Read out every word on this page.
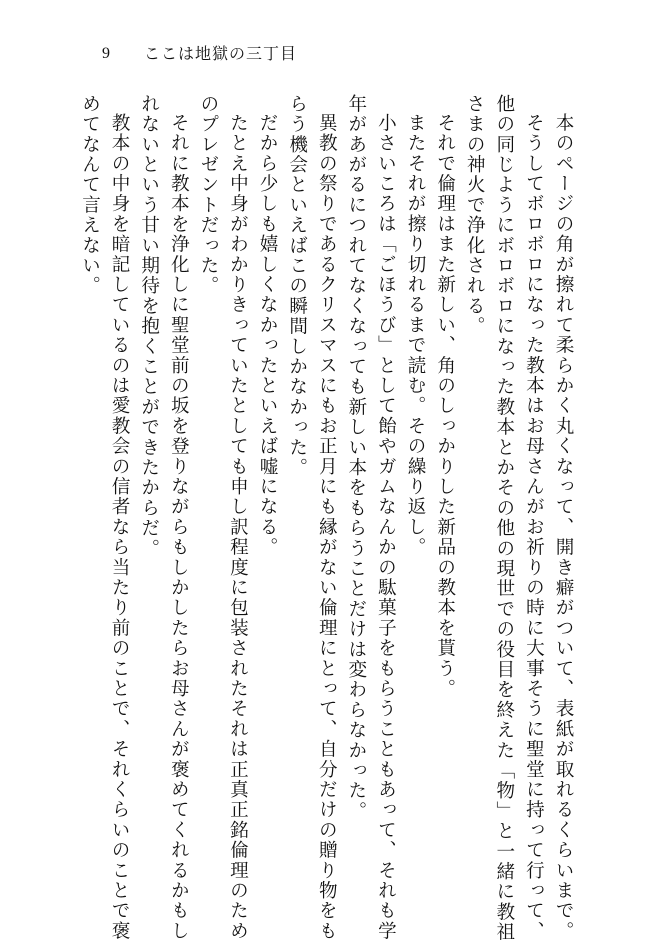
9 ここは地獄の三丁目

本のページの角が擦れて柔らかく丸くなって、開き癖がついて、表紙が取れるくらいまで。

そうしてボロボロになった教本はお母さんがお祈りの時に大事そうに聖堂に持って行って、

他の同じようにボロボロになった教本とかその他の現世での役目を終えた「物」と一緒に教祖

さまの神火で浄化される。

それで倫理はまた新しい、角のしっかりした新品の教本を貰う。

またそれが擦り切れるまで読む。その繰り返し。

小さいころは「ごほうび」として飴やガムなんかの駄菓子をもらうこともあって、それも学

年があがるにつれてなくなっても新しい本をもらうことだけは変わらなかった。

異教の祭りであるクリスマスにもお正月にも縁がない倫理にとって、自分だけの贈り物をも

らう機会といえばこの瞬間しかなかった。

だから少しも嬉しくなかったといえば嘘になる。

たとえ中身がわかりきっていたとしても申し訳程度に包装されたそれは正真正銘倫理のため

のプレゼントだった。

それに教本を浄化しに聖堂前の坂を登りながらもしかしたらお母さんが褒めてくれるかもし

れないという甘い期待を抱くことができたからだ。

教本の中身を暗記しているのは愛教会の信者なら当たり前のことで、それくらいのことで褒

めてなんて言えない。
